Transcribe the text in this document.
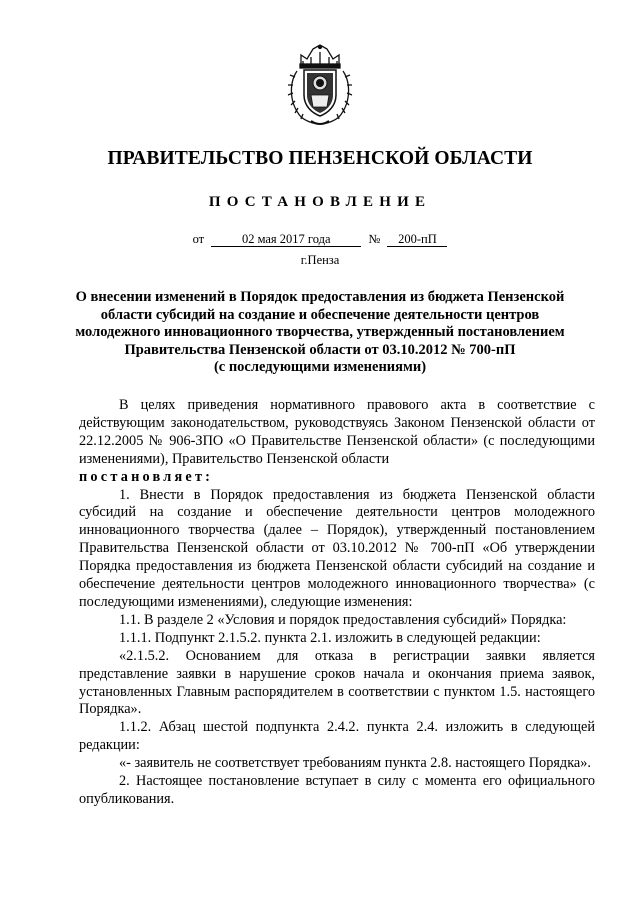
ПРАВИТЕЛЬСТВО ПЕНЗЕНСКОЙ ОБЛАСТИ
ПОСТАНОВЛЕНИЕ
от	02 мая 2017 года	№ 200-пП
г.Пенза
О внесении изменений в Порядок предоставления из бюджета Пензенской
области субсидий на создание и обеспечение деятельности центров
молодежного инновационного творчества, утвержденный постановлением
Правительства Пензенской области от 03.10.2012 № 700-пП
(с последующими изменениями)

В целях приведения нормативного правового акта в соответствие с действующим законодательством, руководствуясь Законом Пензенской области от 22.12.2005 № 906-ЗПО «О Правительстве Пензенской области» (с последующими изменениями), Правительство Пензенской области

постановляет:

1. Внести в Порядок предоставления из бюджета Пензенской области субсидий на создание и обеспечение деятельности центров молодежного инновационного творчества (далее – Порядок), утвержденный постановлением Правительства Пензенской области от 03.10.2012 № 700-пП «Об утверждении Порядка предоставления из бюджета Пензенской области субсидий на создание и обеспечение деятельности центров молодежного инновационного творчества» (с последующими изменениями), следующие изменения:

1.1. В разделе 2 «Условия и порядок предоставления субсидий» Порядка:

1.1.1. Подпункт 2.1.5.2. пункта 2.1. изложить в следующей редакции:

«2.1.5.2. Основанием для отказа в регистрации заявки является представление заявки в нарушение сроков начала и окончания приема заявок, установленных Главным распорядителем в соответствии с пунктом 1.5. настоящего Порядка».

1.1.2. Абзац шестой подпункта 2.4.2. пункта 2.4. изложить в следующей редакции:

«- заявитель не соответствует требованиям пункта 2.8. настоящего Порядка».

2. Настоящее постановление вступает в силу с момента его официального опубликования.
